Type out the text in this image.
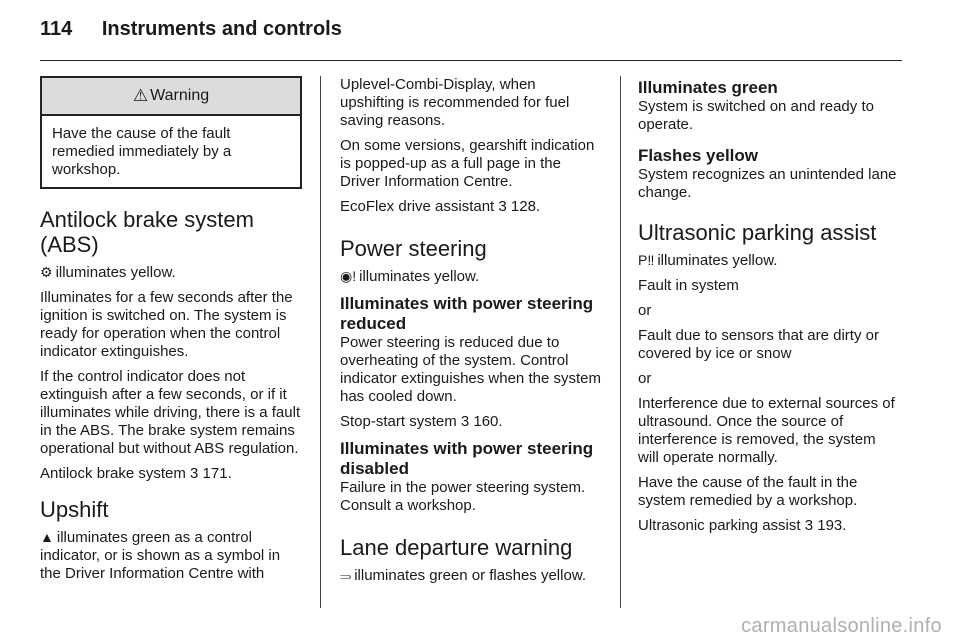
114 Instruments and controls
⚠ Warning

Have the cause of the fault remedied immediately by a workshop.

Antilock brake system (ABS)

⚙ illuminates yellow.

Illuminates for a few seconds after the ignition is switched on. The system is ready for operation when the control indicator extinguishes.

If the control indicator does not extinguish after a few seconds, or if it illuminates while driving, there is a fault in the ABS. The brake system remains operational but without ABS regulation.

Antilock brake system 3 171.

Upshift

▲ illuminates green as a control indicator, or is shown as a symbol in the Driver Information Centre with

Uplevel-Combi-Display, when upshifting is recommended for fuel saving reasons.

On some versions, gearshift indication is popped-up as a full page in the Driver Information Centre.

EcoFlex drive assistant 3 128.

Power steering

◉! illuminates yellow.

Illuminates with power steering reduced

Power steering is reduced due to overheating of the system. Control indicator extinguishes when the system has cooled down.

Stop-start system 3 160.

Illuminates with power steering disabled

Failure in the power steering system. Consult a workshop.

Lane departure warning

⥰ illuminates green or flashes yellow.

Illuminates green

System is switched on and ready to operate.

Flashes yellow

System recognizes an unintended lane change.

Ultrasonic parking assist

P‼ illuminates yellow.

Fault in system

or

Fault due to sensors that are dirty or covered by ice or snow

or

Interference due to external sources of ultrasound. Once the source of interference is removed, the system will operate normally.

Have the cause of the fault in the system remedied by a workshop.

Ultrasonic parking assist 3 193.

carmanualsonline.info
